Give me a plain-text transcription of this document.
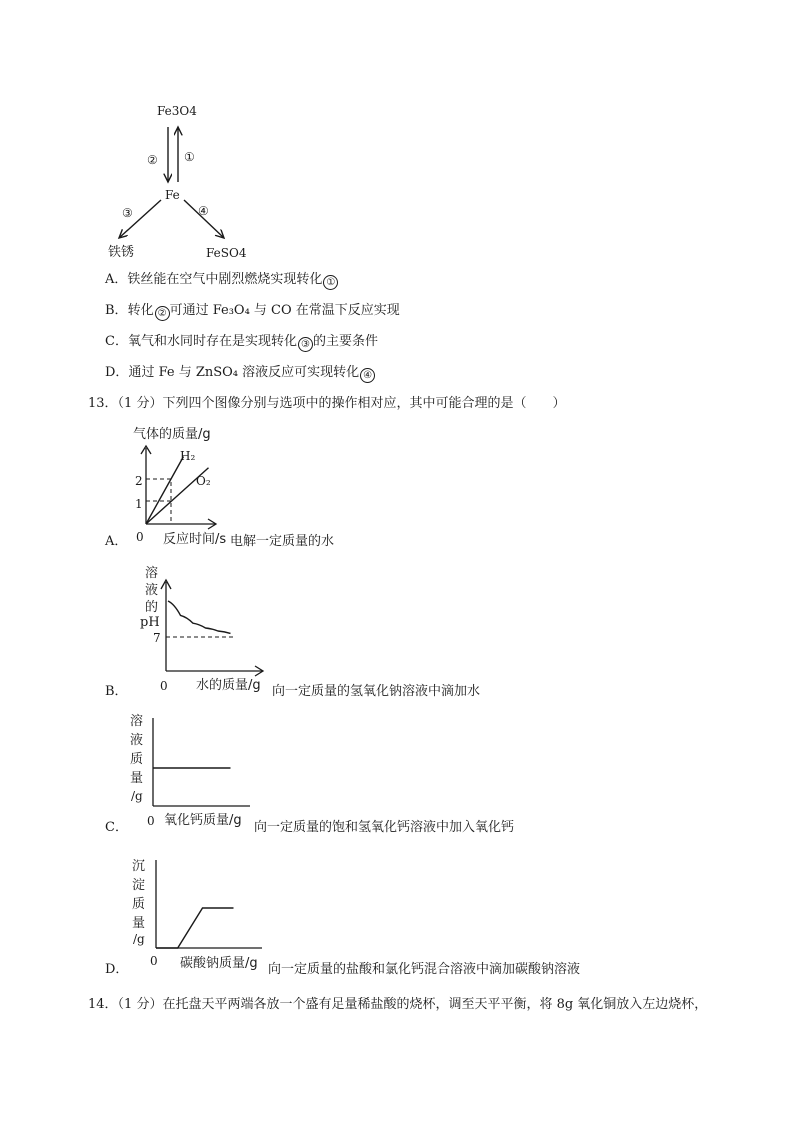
Fe3O4
Fe
铁锈	FeSO4
② ①
③	④
A．铁丝能在空气中剧烈燃烧实现转化 ①
B．转化 ② 可通过 Fe₃O₄ 与 CO 在常温下反应实现
C．氧气和水同时存在是实现转化 ③ 的主要条件
D．通过 Fe 与 ZnSO₄ 溶液反应可实现转化 ④
13．（1 分）下列四个图像分别与选项中的操作相对应，其中可能合理的是（　　）
气体的质量/g
反应时间/s
0
1
2
H₂
O₂
A．	电解一定质量的水
溶
液
的
pH
7
0 水的质量/g
B．	向一定质量的氢氧化钠溶液中滴加水
溶
液
质
量
/g
0 氧化钙质量/g
C．	向一定质量的饱和氢氧化钙溶液中加入氧化钙
沉
淀
质
量
/g
0 碳酸钠质量/g
D．	向一定质量的盐酸和氯化钙混合溶液中滴加碳酸钠溶液
14．（1 分）在托盘天平两端各放一个盛有足量稀盐酸的烧杯，调至天平平衡，将 8g 氧化铜放入左边烧杯，
